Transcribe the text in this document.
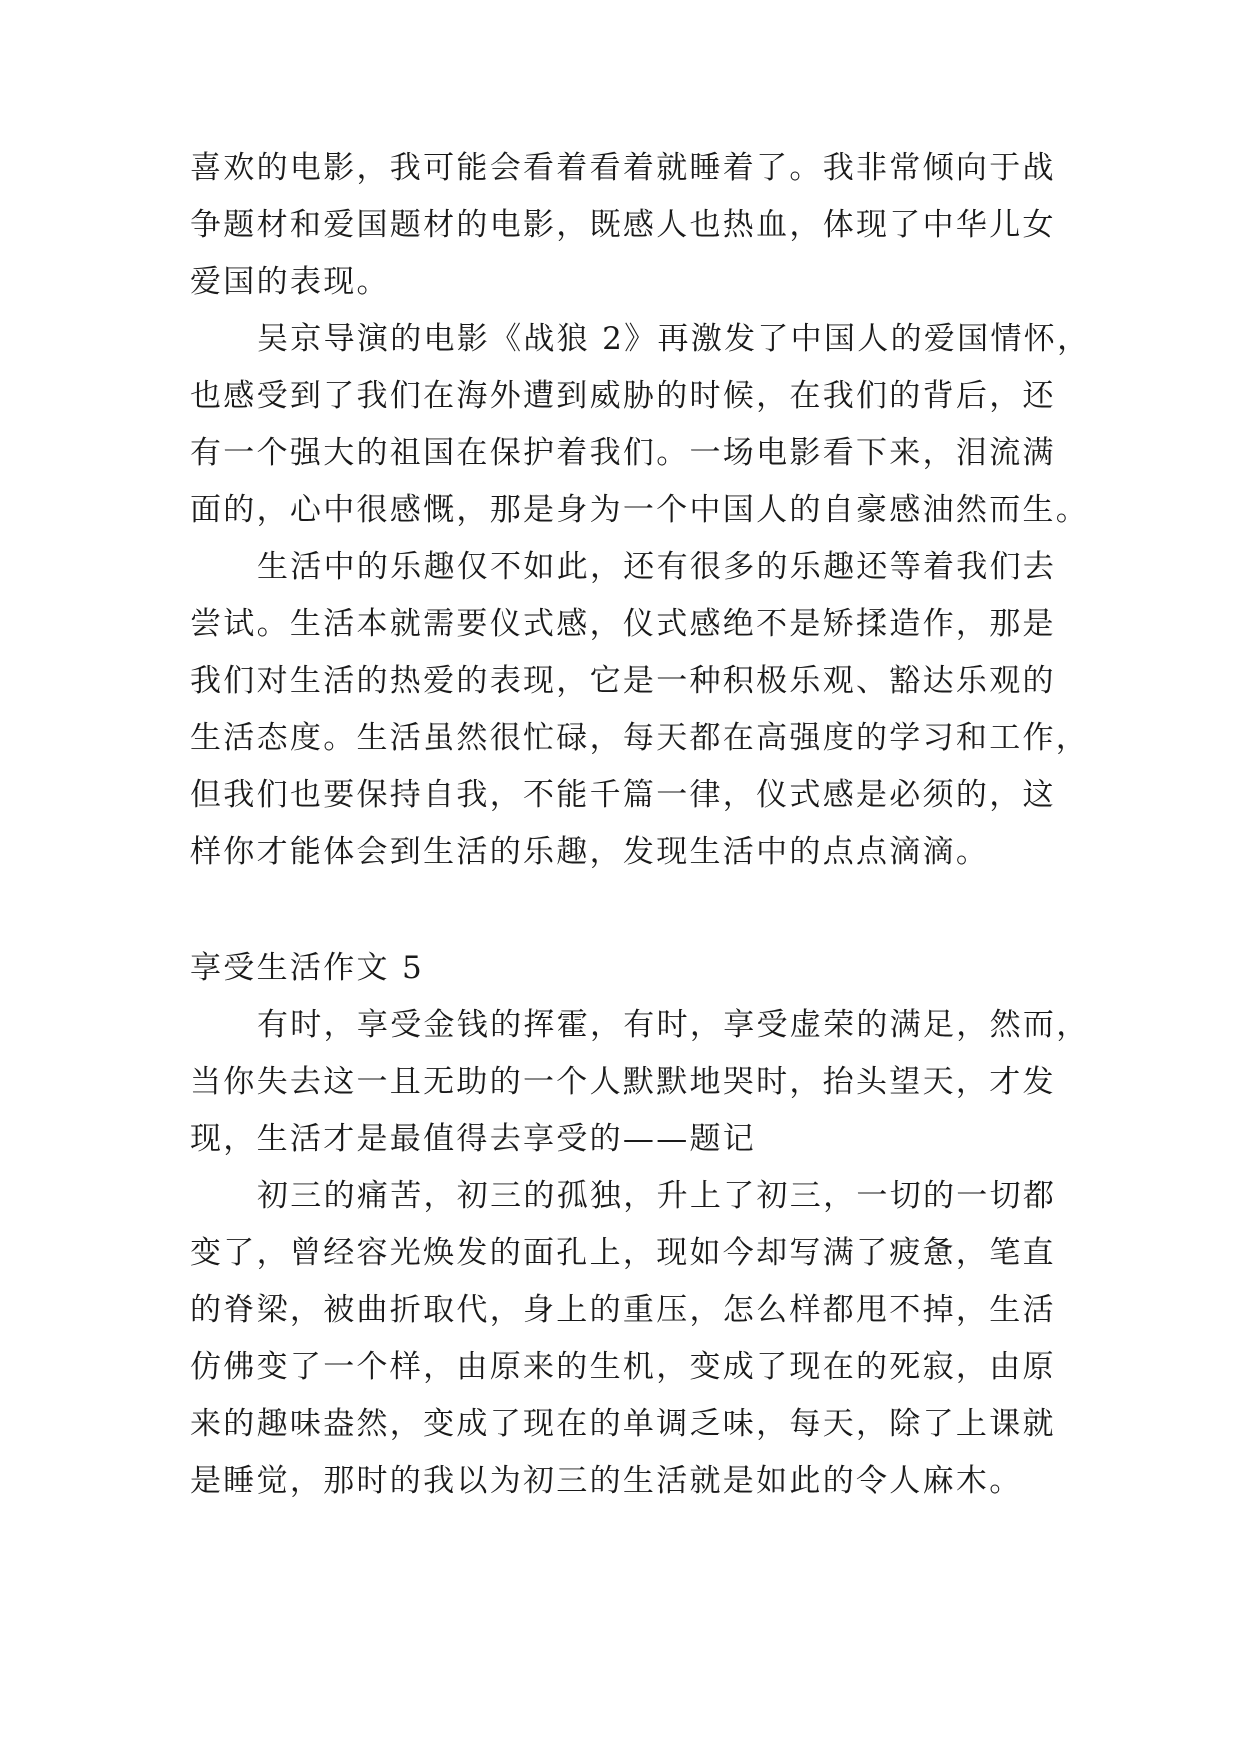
喜欢的电影，我可能会看着看着就睡着了。我非常倾向于战
争题材和爱国题材的电影，既感人也热血，体现了中华儿女
爱国的表现。
吴京导演的电影《战狼 2》再激发了中国人的爱国情怀，
也感受到了我们在海外遭到威胁的时候，在我们的背后，还
有一个强大的祖国在保护着我们。一场电影看下来，泪流满
面的，心中很感慨，那是身为一个中国人的自豪感油然而生。
生活中的乐趣仅不如此，还有很多的乐趣还等着我们去
尝试。生活本就需要仪式感，仪式感绝不是矫揉造作，那是
我们对生活的热爱的表现，它是一种积极乐观、豁达乐观的
生活态度。生活虽然很忙碌，每天都在高强度的学习和工作，
但我们也要保持自我，不能千篇一律，仪式感是必须的，这
样你才能体会到生活的乐趣，发现生活中的点点滴滴。
享受生活作文 5
有时，享受金钱的挥霍，有时，享受虚荣的满足，然而，
当你失去这一且无助的一个人默默地哭时，抬头望天，才发
现，生活才是最值得去享受的——题记
初三的痛苦，初三的孤独，升上了初三，一切的一切都
变了，曾经容光焕发的面孔上，现如今却写满了疲惫，笔直
的脊梁，被曲折取代，身上的重压，怎么样都甩不掉，生活
仿佛变了一个样，由原来的生机，变成了现在的死寂，由原
来的趣味盎然，变成了现在的单调乏味，每天，除了上课就
是睡觉，那时的我以为初三的生活就是如此的令人麻木。
